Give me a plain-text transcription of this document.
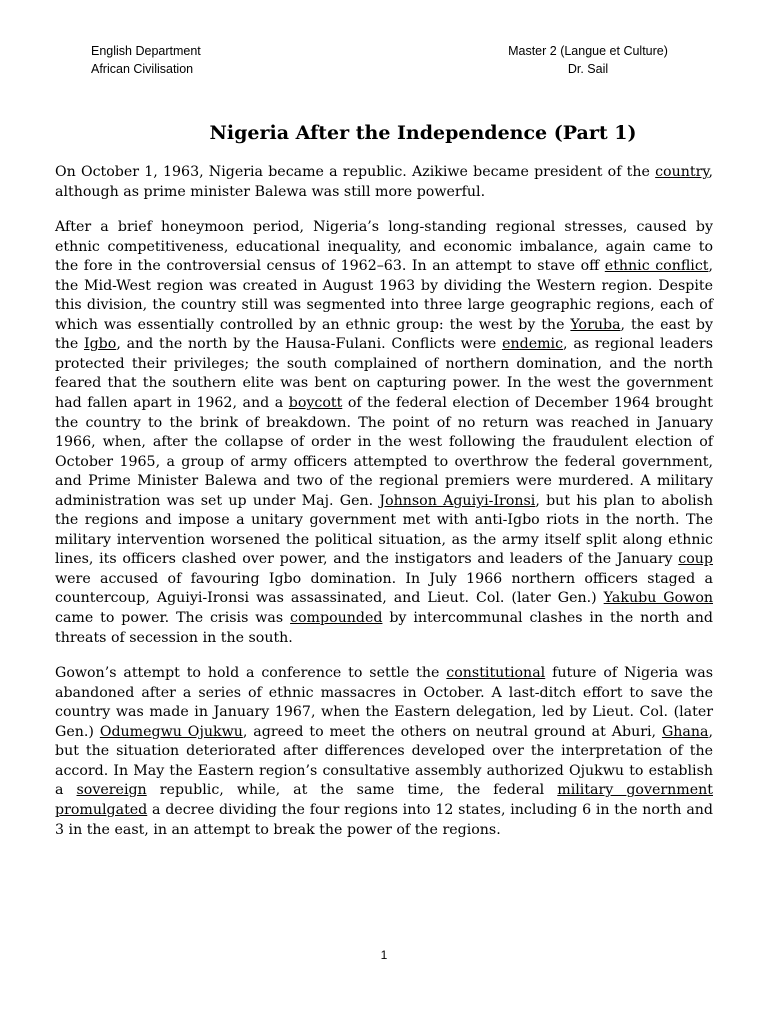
English Department	Master 2 (Langue et Culture)
African Civilisation	Dr. Sail
Nigeria After the Independence (Part 1)

On October 1, 1963, Nigeria became a republic. Azikiwe became president of the country, although as prime minister Balewa was still more powerful.

After a brief honeymoon period, Nigeria’s long-standing regional stresses, caused by ethnic competitiveness, educational inequality, and economic imbalance, again came to the fore in the controversial census of 1962–63. In an attempt to stave off ethnic conflict, the Mid-West region was created in August 1963 by dividing the Western region. Despite this division, the country still was segmented into three large geographic regions, each of which was essentially controlled by an ethnic group: the west by the Yoruba, the east by the Igbo, and the north by the Hausa-Fulani. Conflicts were endemic, as regional leaders protected their privileges; the south complained of northern domination, and the north feared that the southern elite was bent on capturing power. In the west the government had fallen apart in 1962, and a boycott of the federal election of December 1964 brought the country to the brink of breakdown. The point of no return was reached in January 1966, when, after the collapse of order in the west following the fraudulent election of October 1965, a group of army officers attempted to overthrow the federal government, and Prime Minister Balewa and two of the regional premiers were murdered. A military administration was set up under Maj. Gen. Johnson Aguiyi-Ironsi, but his plan to abolish the regions and impose a unitary government met with anti-Igbo riots in the north. The military intervention worsened the political situation, as the army itself split along ethnic lines, its officers clashed over power, and the instigators and leaders of the January coup were accused of favouring Igbo domination. In July 1966 northern officers staged a countercoup, Aguiyi-Ironsi was assassinated, and Lieut. Col. (later Gen.) Yakubu Gowon came to power. The crisis was compounded by intercommunal clashes in the north and threats of secession in the south.

Gowon’s attempt to hold a conference to settle the constitutional future of Nigeria was abandoned after a series of ethnic massacres in October. A last-ditch effort to save the country was made in January 1967, when the Eastern delegation, led by Lieut. Col. (later Gen.) Odumegwu Ojukwu, agreed to meet the others on neutral ground at Aburi, Ghana, but the situation deteriorated after differences developed over the interpretation of the accord. In May the Eastern region’s consultative assembly authorized Ojukwu to establish a sovereign republic, while, at the same time, the federal military government promulgated a decree dividing the four regions into 12 states, including 6 in the north and 3 in the east, in an attempt to break the power of the regions.

1
